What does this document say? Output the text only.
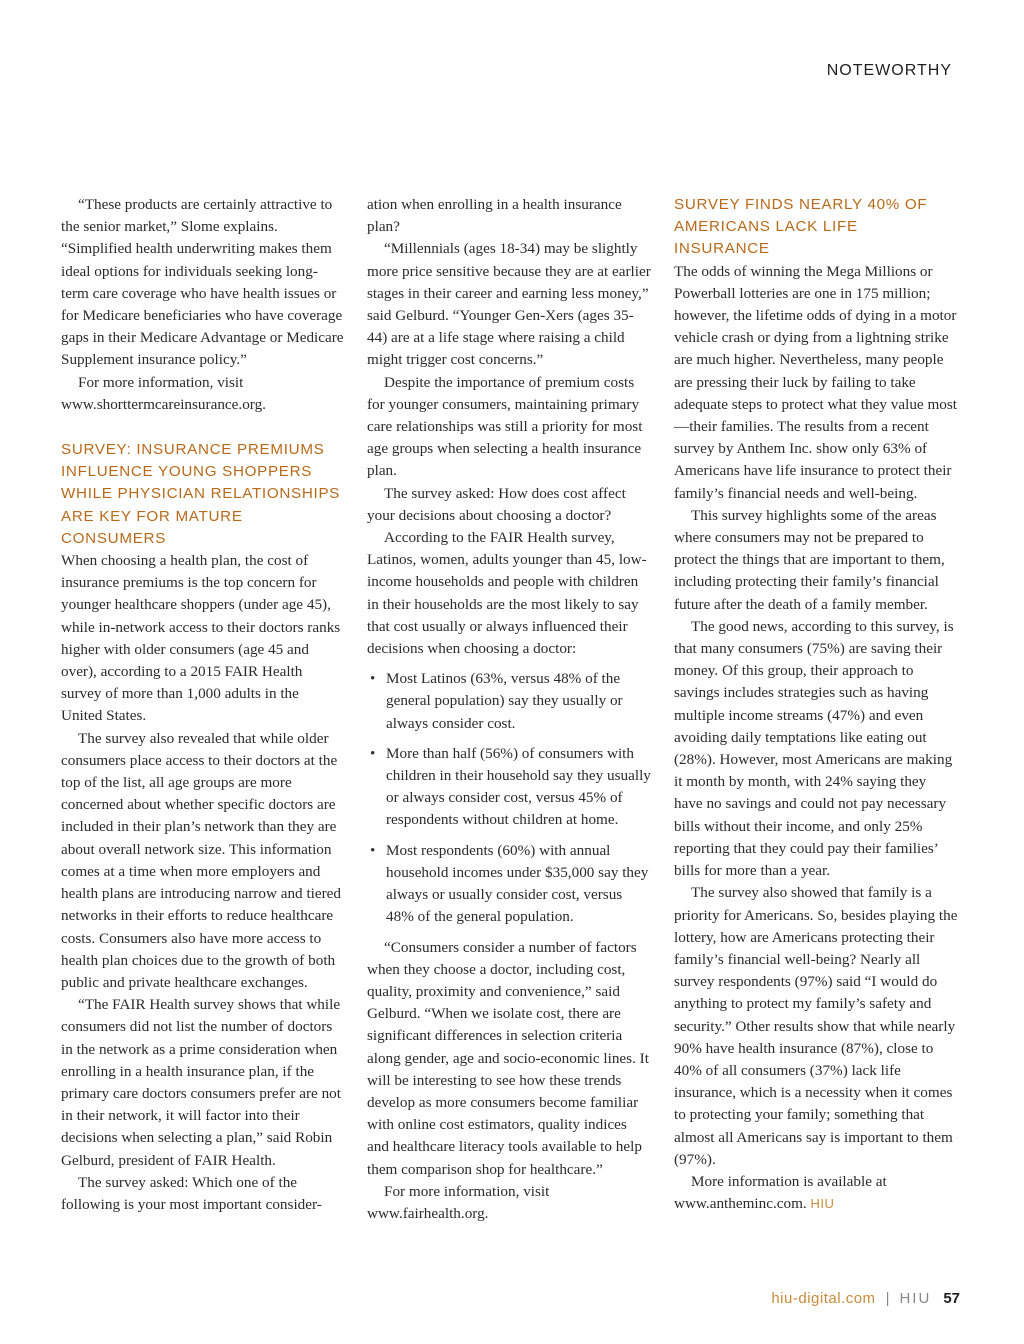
NOTEWORTHY

“These products are certainly attractive to the senior market,” Slome explains. “Simplified health underwriting makes them ideal options for individuals seeking long-term care coverage who have health issues or for Medicare beneficiaries who have coverage gaps in their Medicare Advantage or Medicare Supplement insurance policy.”

For more information, visit www.shorttermcareinsurance.org.

SURVEY: INSURANCE PREMIUMS INFLUENCE YOUNG SHOPPERS WHILE PHYSICIAN RELATIONSHIPS ARE KEY FOR MATURE CONSUMERS

When choosing a health plan, the cost of insurance premiums is the top concern for younger healthcare shoppers (under age 45), while in-network access to their doctors ranks higher with older consumers (age 45 and over), according to a 2015 FAIR Health survey of more than 1,000 adults in the United States.

The survey also revealed that while older consumers place access to their doctors at the top of the list, all age groups are more concerned about whether specific doctors are included in their plan’s network than they are about overall network size. This information comes at a time when more employers and health plans are introducing narrow and tiered networks in their efforts to reduce healthcare costs. Consumers also have more access to health plan choices due to the growth of both public and private healthcare exchanges.

“The FAIR Health survey shows that while consumers did not list the number of doctors in the network as a prime consideration when enrolling in a health insurance plan, if the primary care doctors consumers prefer are not in their network, it will factor into their decisions when selecting a plan,” said Robin Gelburd, president of FAIR Health.

The survey asked: Which one of the following is your most important consider-

ation when enrolling in a health insurance plan?

“Millennials (ages 18-34) may be slightly more price sensitive because they are at earlier stages in their career and earning less money,” said Gelburd. “Younger Gen-Xers (ages 35-44) are at a life stage where raising a child might trigger cost concerns.”

Despite the importance of premium costs for younger consumers, maintaining primary care relationships was still a priority for most age groups when selecting a health insurance plan.

The survey asked: How does cost affect your decisions about choosing a doctor?

According to the FAIR Health survey, Latinos, women, adults younger than 45, low-income households and people with children in their households are the most likely to say that cost usually or always influenced their decisions when choosing a doctor:

• Most Latinos (63%, versus 48% of the general population) say they usually or always consider cost.
• More than half (56%) of consumers with children in their household say they usually or always consider cost, versus 45% of respondents without children at home.
• Most respondents (60%) with annual household incomes under $35,000 say they always or usually consider cost, versus 48% of the general population.

“Consumers consider a number of factors when they choose a doctor, including cost, quality, proximity and convenience,” said Gelburd. “When we isolate cost, there are significant differences in selection criteria along gender, age and socio-economic lines. It will be interesting to see how these trends develop as more consumers become familiar with online cost estimators, quality indices and healthcare literacy tools available to help them comparison shop for healthcare.”

For more information, visit www.fairhealth.org.

SURVEY FINDS NEARLY 40% OF AMERICANS LACK LIFE INSURANCE

The odds of winning the Mega Millions or Powerball lotteries are one in 175 million; however, the lifetime odds of dying in a motor vehicle crash or dying from a lightning strike are much higher. Nevertheless, many people are pressing their luck by failing to take adequate steps to protect what they value most—their families. The results from a recent survey by Anthem Inc. show only 63% of Americans have life insurance to protect their family’s financial needs and well-being.

This survey highlights some of the areas where consumers may not be prepared to protect the things that are important to them, including protecting their family’s financial future after the death of a family member.

The good news, according to this survey, is that many consumers (75%) are saving their money. Of this group, their approach to savings includes strategies such as having multiple income streams (47%) and even avoiding daily temptations like eating out (28%). However, most Americans are making it month by month, with 24% saying they have no savings and could not pay necessary bills without their income, and only 25% reporting that they could pay their families’ bills for more than a year.

The survey also showed that family is a priority for Americans. So, besides playing the lottery, how are Americans protecting their family’s financial well-being? Nearly all survey respondents (97%) said “I would do anything to protect my family’s safety and security.” Other results show that while nearly 90% have health insurance (87%), close to 40% of all consumers (37%) lack life insurance, which is a necessity when it comes to protecting your family; something that almost all Americans say is important to them (97%).

More information is available at www.antheminc.com. HIU

hiu-digital.com | HIU 57
